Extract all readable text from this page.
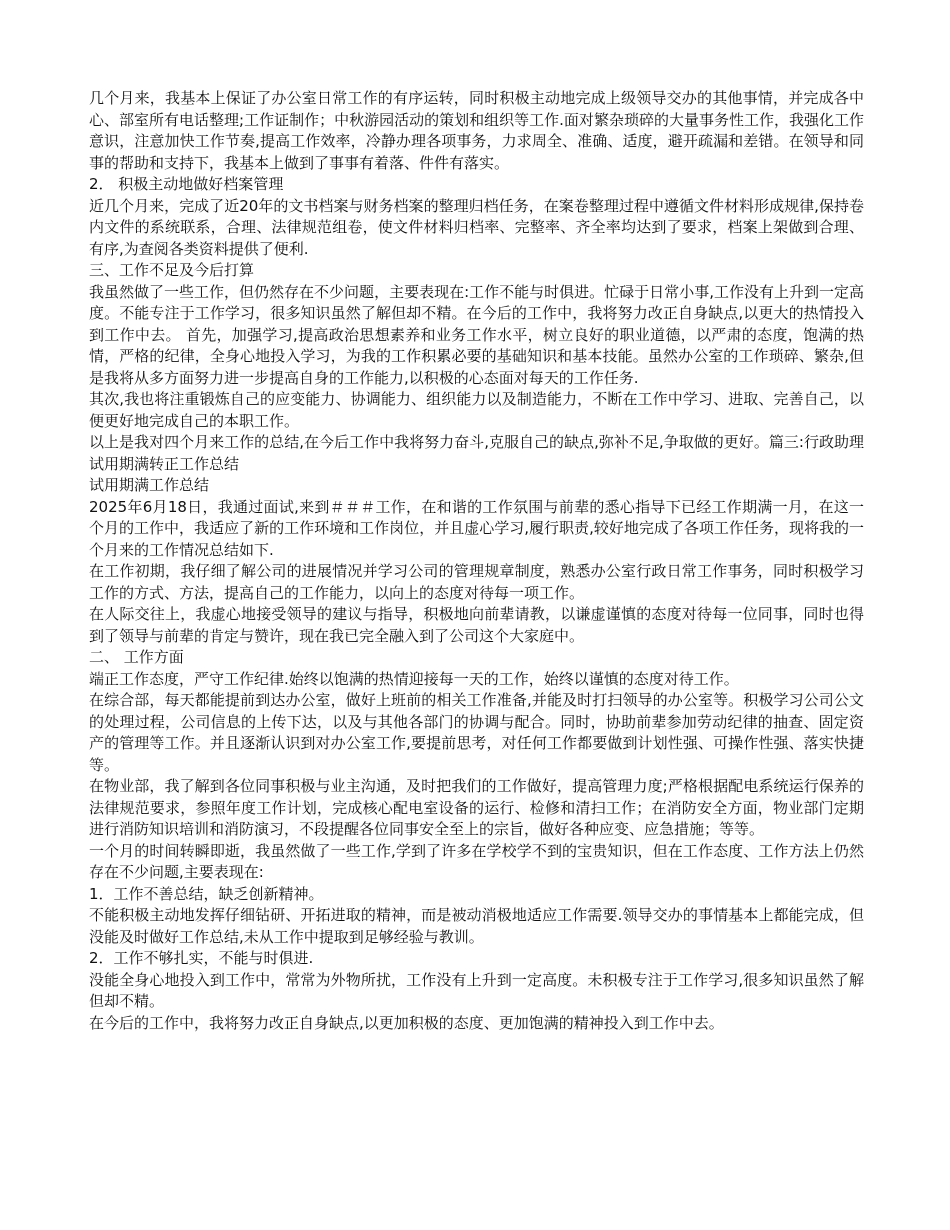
几个月来，我基本上保证了办公室日常工作的有序运转，同时积极主动地完成上级领导交办的其他事情，并完成各中心、部室所有电话整理;工作证制作；中秋游园活动的策划和组织等工作.面对繁杂琐碎的大量事务性工作，我强化工作意识，注意加快工作节奏,提高工作效率，冷静办理各项事务，力求周全、准确、适度，避开疏漏和差错。在领导和同事的帮助和支持下，我基本上做到了事事有着落、件件有落实。

2． 积极主动地做好档案管理

近几个月来，完成了近20年的文书档案与财务档案的整理归档任务，在案卷整理过程中遵循文件材料形成规律,保持卷内文件的系统联系，合理、法律规范组卷，使文件材料归档率、完整率、齐全率均达到了要求，档案上架做到合理、有序,为查阅各类资料提供了便利.

三、工作不足及今后打算

我虽然做了一些工作，但仍然存在不少问题，主要表现在:工作不能与时俱进。忙碌于日常小事,工作没有上升到一定高度。不能专注于工作学习，很多知识虽然了解但却不精。在今后的工作中，我将努力改正自身缺点,以更大的热情投入到工作中去。 首先，加强学习,提高政治思想素养和业务工作水平，树立良好的职业道德，以严肃的态度，饱满的热情，严格的纪律，全身心地投入学习，为我的工作积累必要的基础知识和基本技能。虽然办公室的工作琐碎、繁杂,但是我将从多方面努力进一步提高自身的工作能力,以积极的心态面对每天的工作任务.

其次,我也将注重锻炼自己的应变能力、协调能力、组织能力以及制造能力，不断在工作中学习、进取、完善自己，以便更好地完成自己的本职工作。

以上是我对四个月来工作的总结,在今后工作中我将努力奋斗,克服自己的缺点,弥补不足,争取做的更好。篇三:行政助理试用期满转正工作总结

试用期满工作总结

2025年6月18日，我通过面试,来到＃＃＃工作，在和谐的工作氛围与前辈的悉心指导下已经工作期满一月，在这一个月的工作中，我适应了新的工作环境和工作岗位，并且虚心学习,履行职责,较好地完成了各项工作任务，现将我的一个月来的工作情况总结如下.

在工作初期，我仔细了解公司的进展情况并学习公司的管理规章制度，熟悉办公室行政日常工作事务，同时积极学习工作的方式、方法，提高自己的工作能力，以向上的态度对待每一项工作。

在人际交往上，我虚心地接受领导的建议与指导，积极地向前辈请教，以谦虚谨慎的态度对待每一位同事，同时也得到了领导与前辈的肯定与赞许，现在我已完全融入到了公司这个大家庭中。

二、 工作方面

端正工作态度，严守工作纪律.始终以饱满的热情迎接每一天的工作，始终以谨慎的态度对待工作。

在综合部，每天都能提前到达办公室，做好上班前的相关工作准备,并能及时打扫领导的办公室等。积极学习公司公文的处理过程，公司信息的上传下达，以及与其他各部门的协调与配合。同时，协助前辈参加劳动纪律的抽查、固定资产的管理等工作。并且逐渐认识到对办公室工作,要提前思考，对任何工作都要做到计划性强、可操作性强、落实快捷等。

在物业部，我了解到各位同事积极与业主沟通，及时把我们的工作做好，提高管理力度;严格根据配电系统运行保养的法律规范要求，参照年度工作计划，完成核心配电室设备的运行、检修和清扫工作；在消防安全方面，物业部门定期进行消防知识培训和消防演习，不段提醒各位同事安全至上的宗旨，做好各种应变、应急措施；等等。

一个月的时间转瞬即逝，我虽然做了一些工作,学到了许多在学校学不到的宝贵知识，但在工作态度、工作方法上仍然存在不少问题,主要表现在:

1．工作不善总结，缺乏创新精神。

不能积极主动地发挥仔细钻研、开拓进取的精神，而是被动消极地适应工作需要.领导交办的事情基本上都能完成，但没能及时做好工作总结,未从工作中提取到足够经验与教训。

2．工作不够扎实，不能与时俱进.

没能全身心地投入到工作中，常常为外物所扰，工作没有上升到一定高度。未积极专注于工作学习,很多知识虽然了解但却不精。

在今后的工作中，我将努力改正自身缺点,以更加积极的态度、更加饱满的精神投入到工作中去。
